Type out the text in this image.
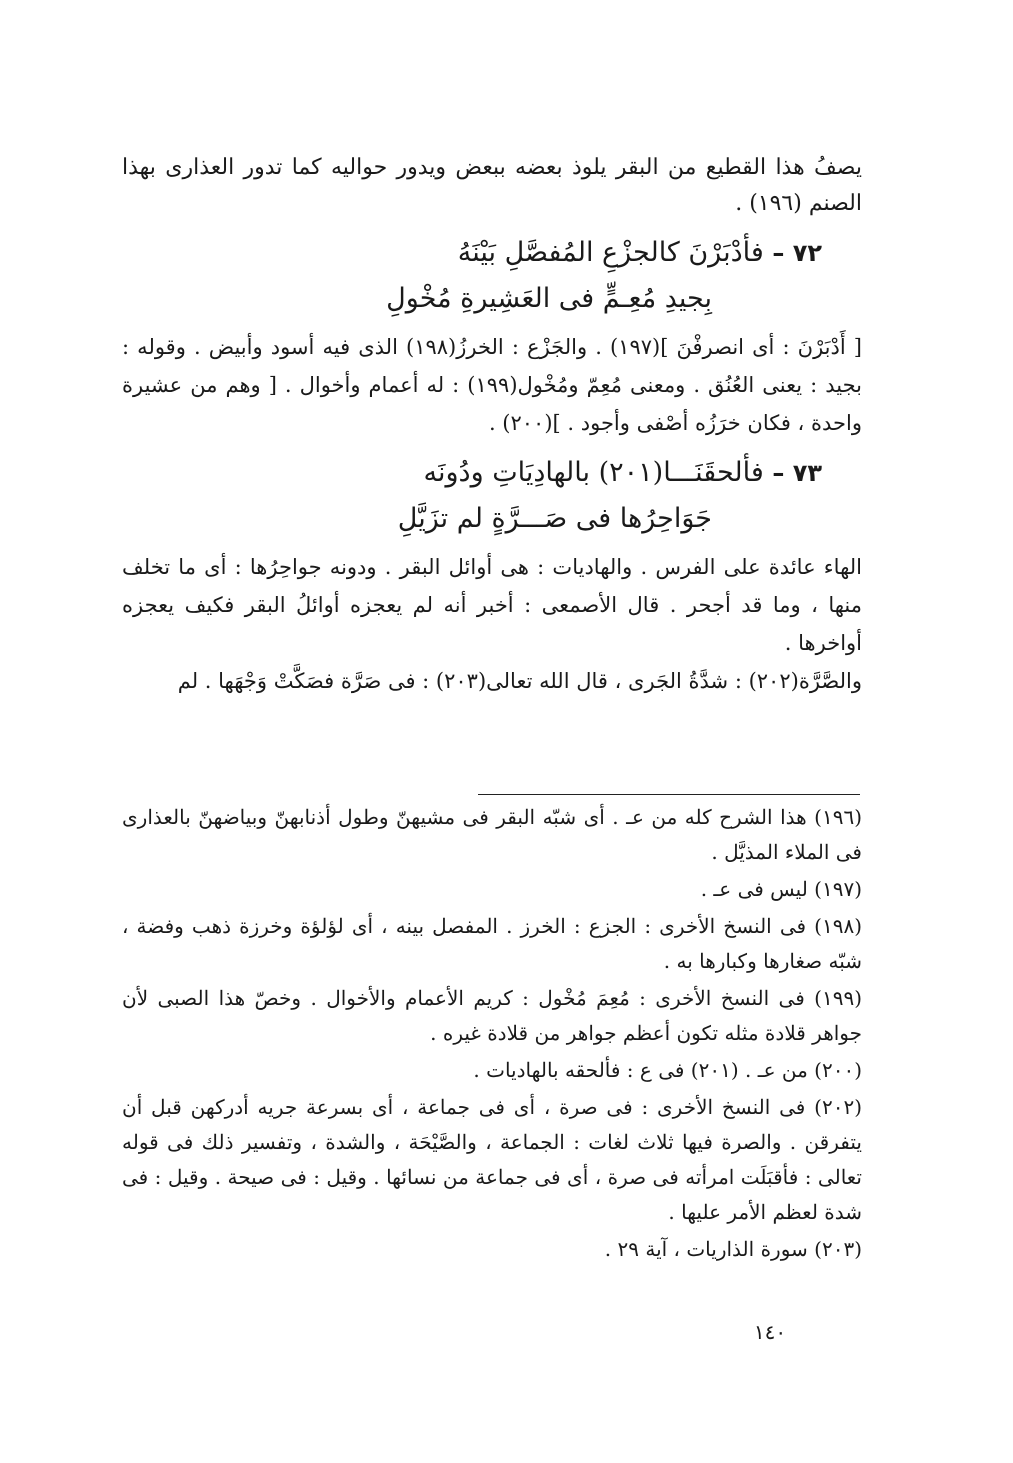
يصفُ هذا القطيع من البقر يلوذ بعضه ببعض ويدور حواليه كما تدور العذارى بهذا الصنم (١٩٦) .

٧٢ – فأدْبَرْنَ كالجزْعِ المُفصَّلِ بَيْنَهُ
بِجيدِ مُعِـمٍّ فى العَشِيرةِ مُخْولِ

[ أَدْبَرْنَ : أى انصرفْنَ ](١٩٧) . والجَزْع : الخرزُ(١٩٨) الذى فيه أسود وأبيض . وقوله : بجيد : يعنى العُنُق . ومعنى مُعِمّ ومُخْول(١٩٩) : له أعمام وأخوال . [ وهم من عشيرة واحدة ، فكان خرَزُه أصْفى وأجود . ](٢٠٠) .

٧٣ – فألحقَنَـــا(٢٠١) بالهادِيَاتِ ودُونَه
جَوَاحِرُها فى صَـــرَّةٍ لم تزَيَّلِ

الهاء عائدة على الفرس . والهاديات : هى أوائل البقر . ودونه جواحِرُها : أى ما تخلف منها ، وما قد أجحر . قال الأصمعى : أخبر أنه لم يعجزه أوائلُ البقر فكيف يعجزه أواخرها .

والصَّرَّة(٢٠٢) : شدَّةُ الجَرى ، قال الله تعالى(٢٠٣) : فى صَرَّة فصَكَّتْ وَجْهَها . لم

(١٩٦) هذا الشرح كله من عـ . أى شبّه البقر فى مشيهنّ وطول أذنابهنّ وبياضهنّ بالعذارى فى الملاء المذيَّل .

(١٩٧) ليس فى عـ .

(١٩٨) فى النسخ الأخرى : الجزع : الخرز . المفصل بينه ، أى لؤلؤة وخرزة ذهب وفضة ، شبّه صغارها وكبارها به .

(١٩٩) فى النسخ الأخرى : مُعِمَ مُخْول : كريم الأعمام والأخوال . وخصّ هذا الصبى لأن جواهر قلادة مثله تكون أعظم جواهر من قلادة غيره .

(٢٠٠) من عـ . (٢٠١) فى ع : فألحقه بالهاديات .

(٢٠٢) فى النسخ الأخرى : فى صرة ، أى فى جماعة ، أى بسرعة جريه أدركهن قبل أن يتفرقن . والصرة فيها ثلاث لغات : الجماعة ، والصَّيْحَة ، والشدة ، وتفسير ذلك فى قوله تعالى : فأقبَلَت امرأته فى صرة ، أى فى جماعة من نسائها . وقيل : فى صيحة . وقيل : فى شدة لعظم الأمر عليها .

(٢٠٣) سورة الذاريات ، آية ٢٩ .

١٤٠
